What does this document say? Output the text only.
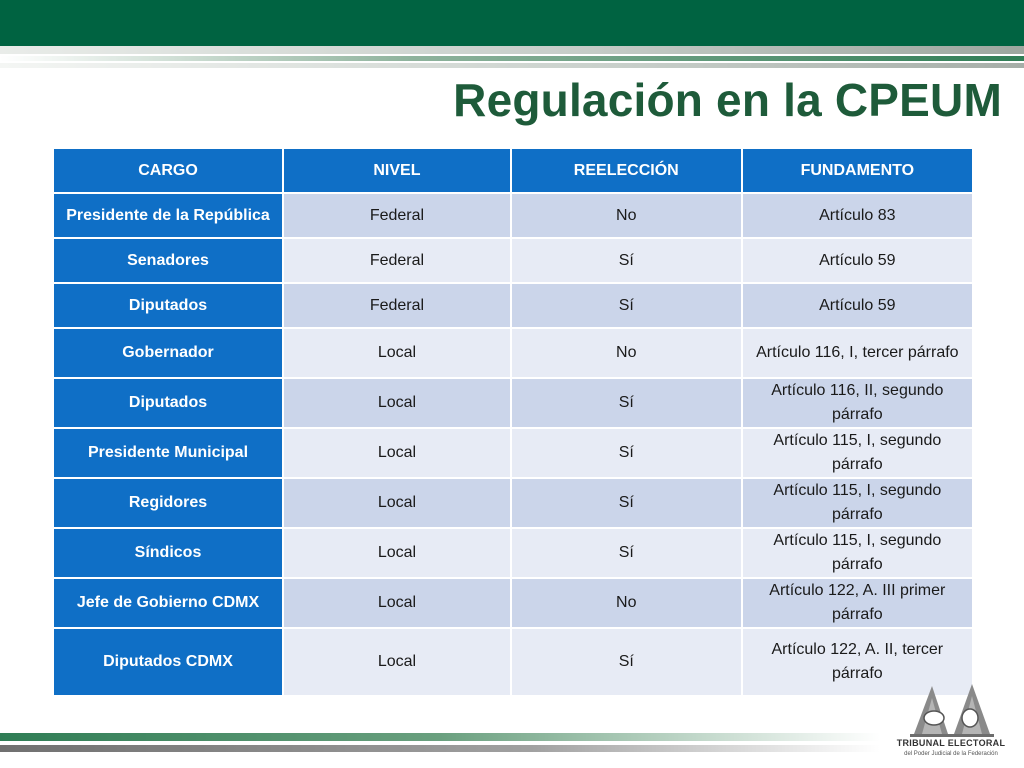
Regulación en la CPEUM
CARGO	NIVEL	REELECCIÓN	FUNDAMENTO
Presidente de la República	Federal	No	Artículo 83
Senadores	Federal	Sí	Artículo 59
Diputados	Federal	Sí	Artículo 59
Gobernador	Local	No	Artículo 116, I, tercer párrafo
Diputados	Local	Sí	Artículo 116, II, segundo párrafo
Presidente Municipal	Local	Sí	Artículo 115, I, segundo párrafo
Regidores	Local	Sí	Artículo 115, I, segundo párrafo
Síndicos	Local	Sí	Artículo 115, I, segundo párrafo
Jefe de Gobierno CDMX	Local	No	Artículo 122, A. III primer párrafo
Diputados CDMX	Local	Sí	Artículo 122, A. II, tercer párrafo
TRIBUNAL ELECTORAL
del Poder Judicial de la Federación
